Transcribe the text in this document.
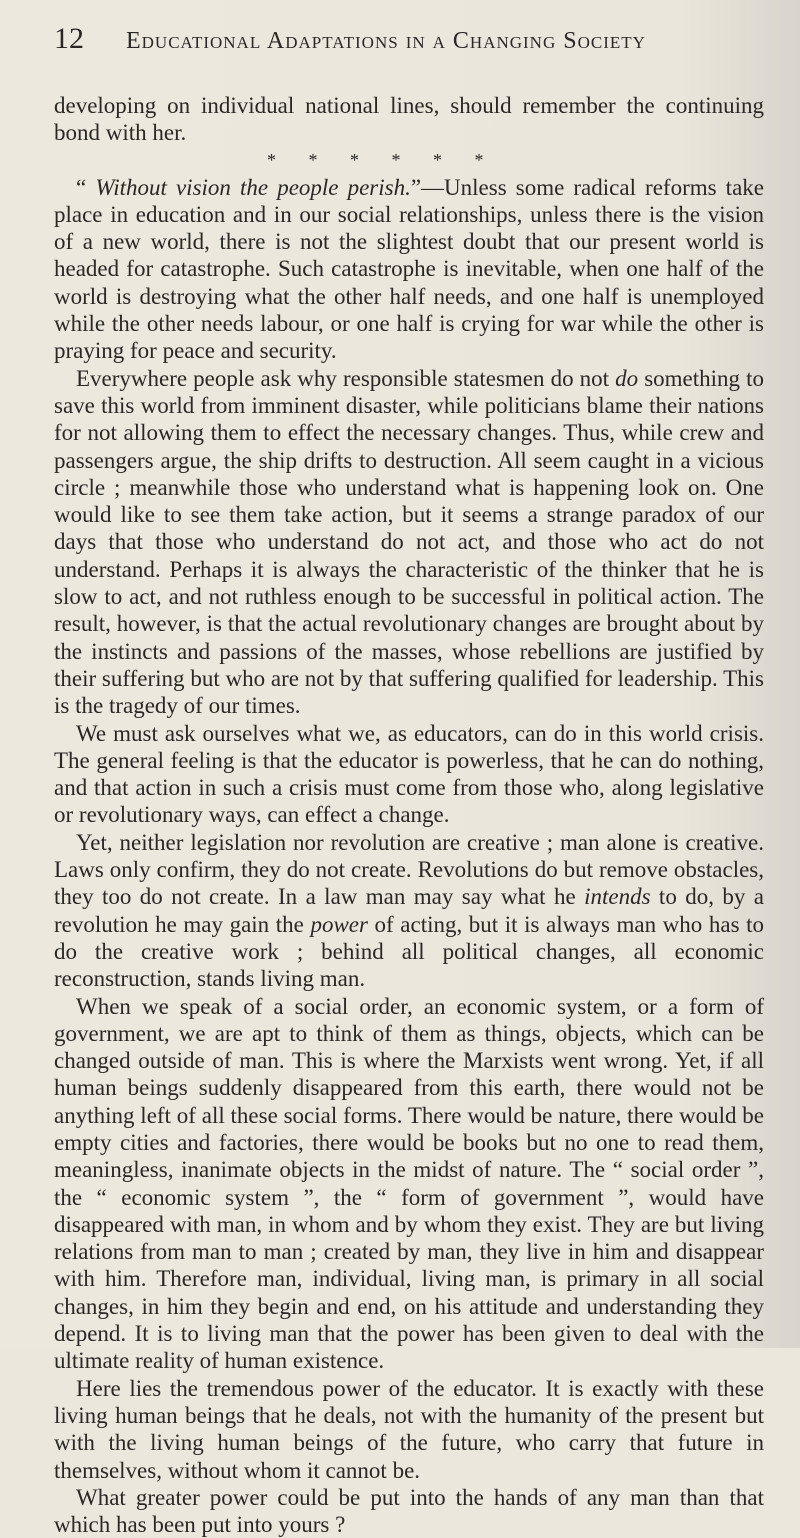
12	Educational Adaptations in a Changing Society

developing on individual national lines, should remember the continuing bond with her.

* * * * * *

“ Without vision the people perish.”—Unless some radical reforms take place in education and in our social relationships, unless there is the vision of a new world, there is not the slightest doubt that our present world is headed for catastrophe. Such catastrophe is inevitable, when one half of the world is destroying what the other half needs, and one half is unemployed while the other needs labour, or one half is crying for war while the other is praying for peace and security.

Everywhere people ask why responsible statesmen do not do something to save this world from imminent disaster, while politicians blame their nations for not allowing them to effect the necessary changes. Thus, while crew and passengers argue, the ship drifts to destruction. All seem caught in a vicious circle ; meanwhile those who understand what is happening look on. One would like to see them take action, but it seems a strange paradox of our days that those who understand do not act, and those who act do not understand. Perhaps it is always the characteristic of the thinker that he is slow to act, and not ruthless enough to be successful in political action. The result, however, is that the actual revolutionary changes are brought about by the instincts and passions of the masses, whose rebellions are justified by their suffering but who are not by that suffering qualified for leadership. This is the tragedy of our times.

We must ask ourselves what we, as educators, can do in this world crisis. The general feeling is that the educator is powerless, that he can do nothing, and that action in such a crisis must come from those who, along legislative or revolutionary ways, can effect a change.

Yet, neither legislation nor revolution are creative ; man alone is creative. Laws only confirm, they do not create. Revolutions do but remove obstacles, they too do not create. In a law man may say what he intends to do, by a revolution he may gain the power of acting, but it is always man who has to do the creative work ; behind all political changes, all economic reconstruction, stands living man.

When we speak of a social order, an economic system, or a form of government, we are apt to think of them as things, objects, which can be changed outside of man. This is where the Marxists went wrong. Yet, if all human beings suddenly disappeared from this earth, there would not be anything left of all these social forms. There would be nature, there would be empty cities and factories, there would be books but no one to read them, meaningless, inanimate objects in the midst of nature. The “ social order ”, the “ economic system ”, the “ form of government ”, would have disappeared with man, in whom and by whom they exist. They are but living relations from man to man ; created by man, they live in him and disappear with him. Therefore man, individual, living man, is primary in all social changes, in him they begin and end, on his attitude and understanding they depend. It is to living man that the power has been given to deal with the ultimate reality of human existence.

Here lies the tremendous power of the educator. It is exactly with these living human beings that he deals, not with the humanity of the present but with the living human beings of the future, who carry that future in themselves, without whom it cannot be.

What greater power could be put into the hands of any man than that which has been put into yours ?
